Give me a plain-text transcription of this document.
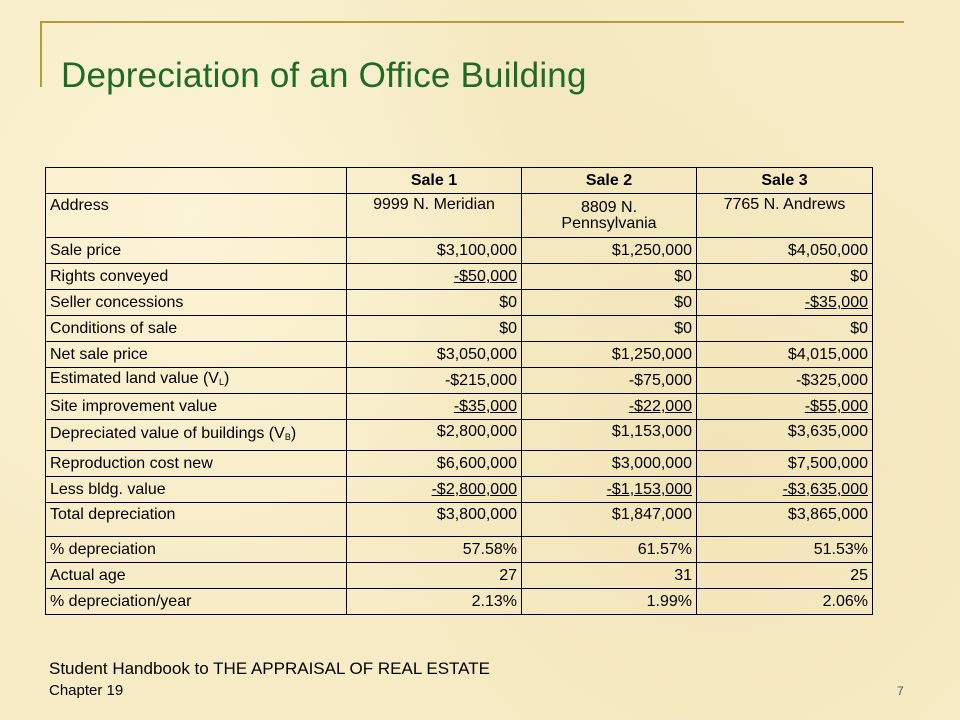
Depreciation of an Office Building
	Sale 1	Sale 2	Sale 3
Address	9999 N. Meridian	8809 N. Pennsylvania	7765 N. Andrews
Sale price	$3,100,000	$1,250,000	$4,050,000
Rights conveyed	-$50,000	$0	$0
Seller concessions	$0	$0	-$35,000
Conditions of sale	$0	$0	$0
Net sale price	$3,050,000	$1,250,000	$4,015,000
Estimated land value $(V_L)$	-$215,000	-$75,000	-$325,000
Site improvement value	-$35,000	-$22,000	-$55,000
Depreciated value of buildings $(V_B)$	$2,800,000	$1,153,000	$3,635,000
Reproduction cost new	$6,600,000	$3,000,000	$7,500,000
Less bldg. value	-$2,800,000	-$1,153,000	-$3,635,000
Total depreciation	$3,800,000	$1,847,000	$3,865,000
% depreciation	57.58%	61.57%	51.53%
Actual age	27	31	25
% depreciation/year	2.13%	1.99%	2.06%
Student Handbook to THE APPRAISAL OF REAL ESTATE
Chapter 19	7
